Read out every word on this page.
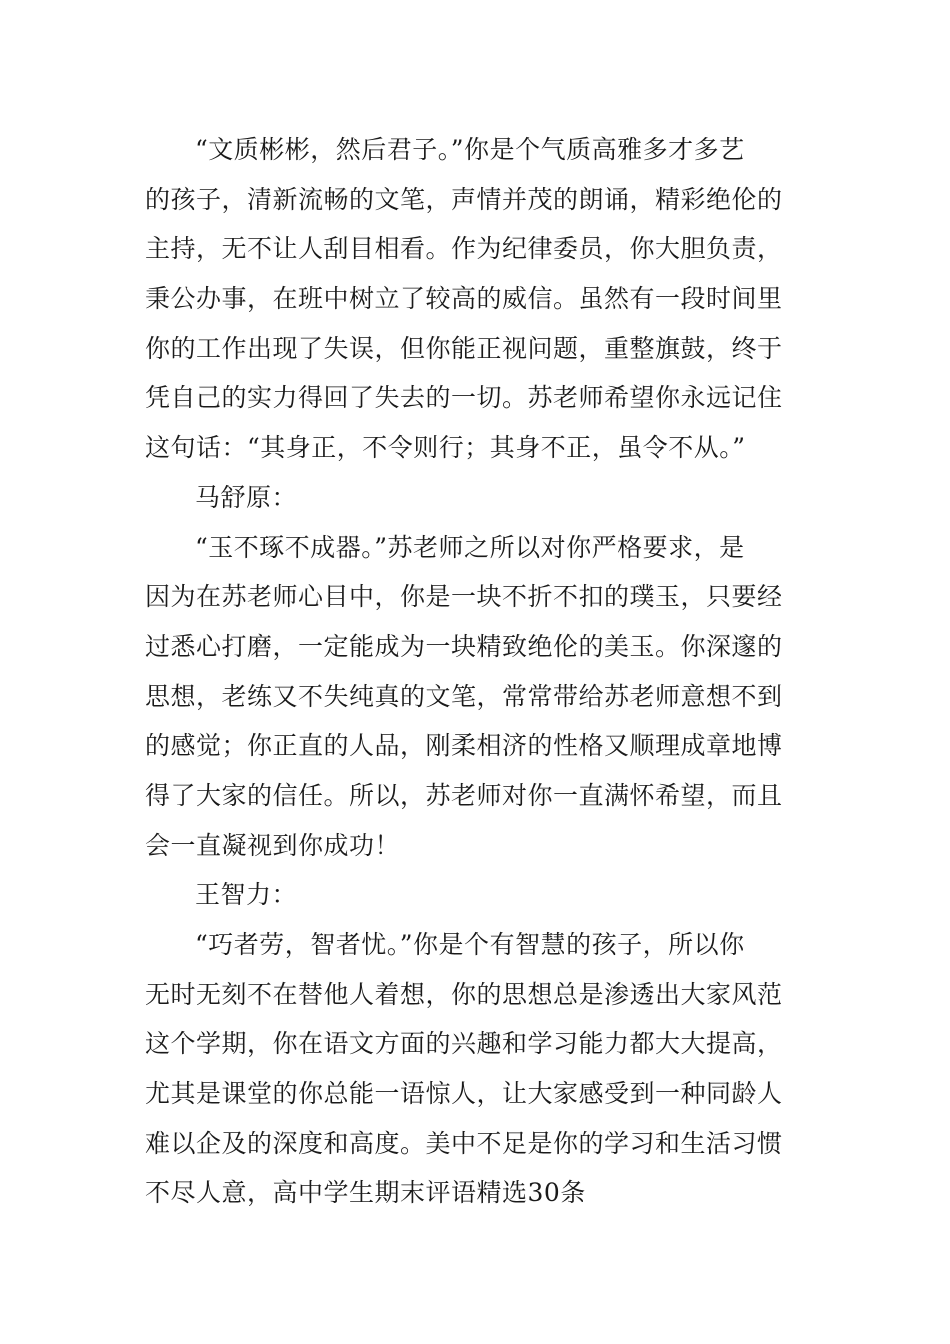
“文质彬彬，然后君子。”你是个气质高雅多才多艺
的孩子，清新流畅的文笔，声情并茂的朗诵，精彩绝伦的
主持，无不让人刮目相看。作为纪律委员，你大胆负责，
秉公办事，在班中树立了较高的威信。虽然有一段时间里
你的工作出现了失误，但你能正视问题，重整旗鼓，终于
凭自己的实力得回了失去的一切。苏老师希望你永远记住
这句话：“其身正，不令则行；其身不正，虽令不从。”
马舒原：
“玉不琢不成器。”苏老师之所以对你严格要求，是
因为在苏老师心目中，你是一块不折不扣的璞玉，只要经
过悉心打磨，一定能成为一块精致绝伦的美玉。你深邃的
思想，老练又不失纯真的文笔，常常带给苏老师意想不到
的感觉；你正直的人品，刚柔相济的性格又顺理成章地博
得了大家的信任。所以，苏老师对你一直满怀希望，而且
会一直凝视到你成功！
王智力：
“巧者劳，智者忧。”你是个有智慧的孩子，所以你
无时无刻不在替他人着想，你的思想总是渗透出大家风范
这个学期，你在语文方面的兴趣和学习能力都大大提高，
尤其是课堂的你总能一语惊人，让大家感受到一种同龄人
难以企及的深度和高度。美中不足是你的学习和生活习惯
不尽人意，高中学生期末评语精选30条
